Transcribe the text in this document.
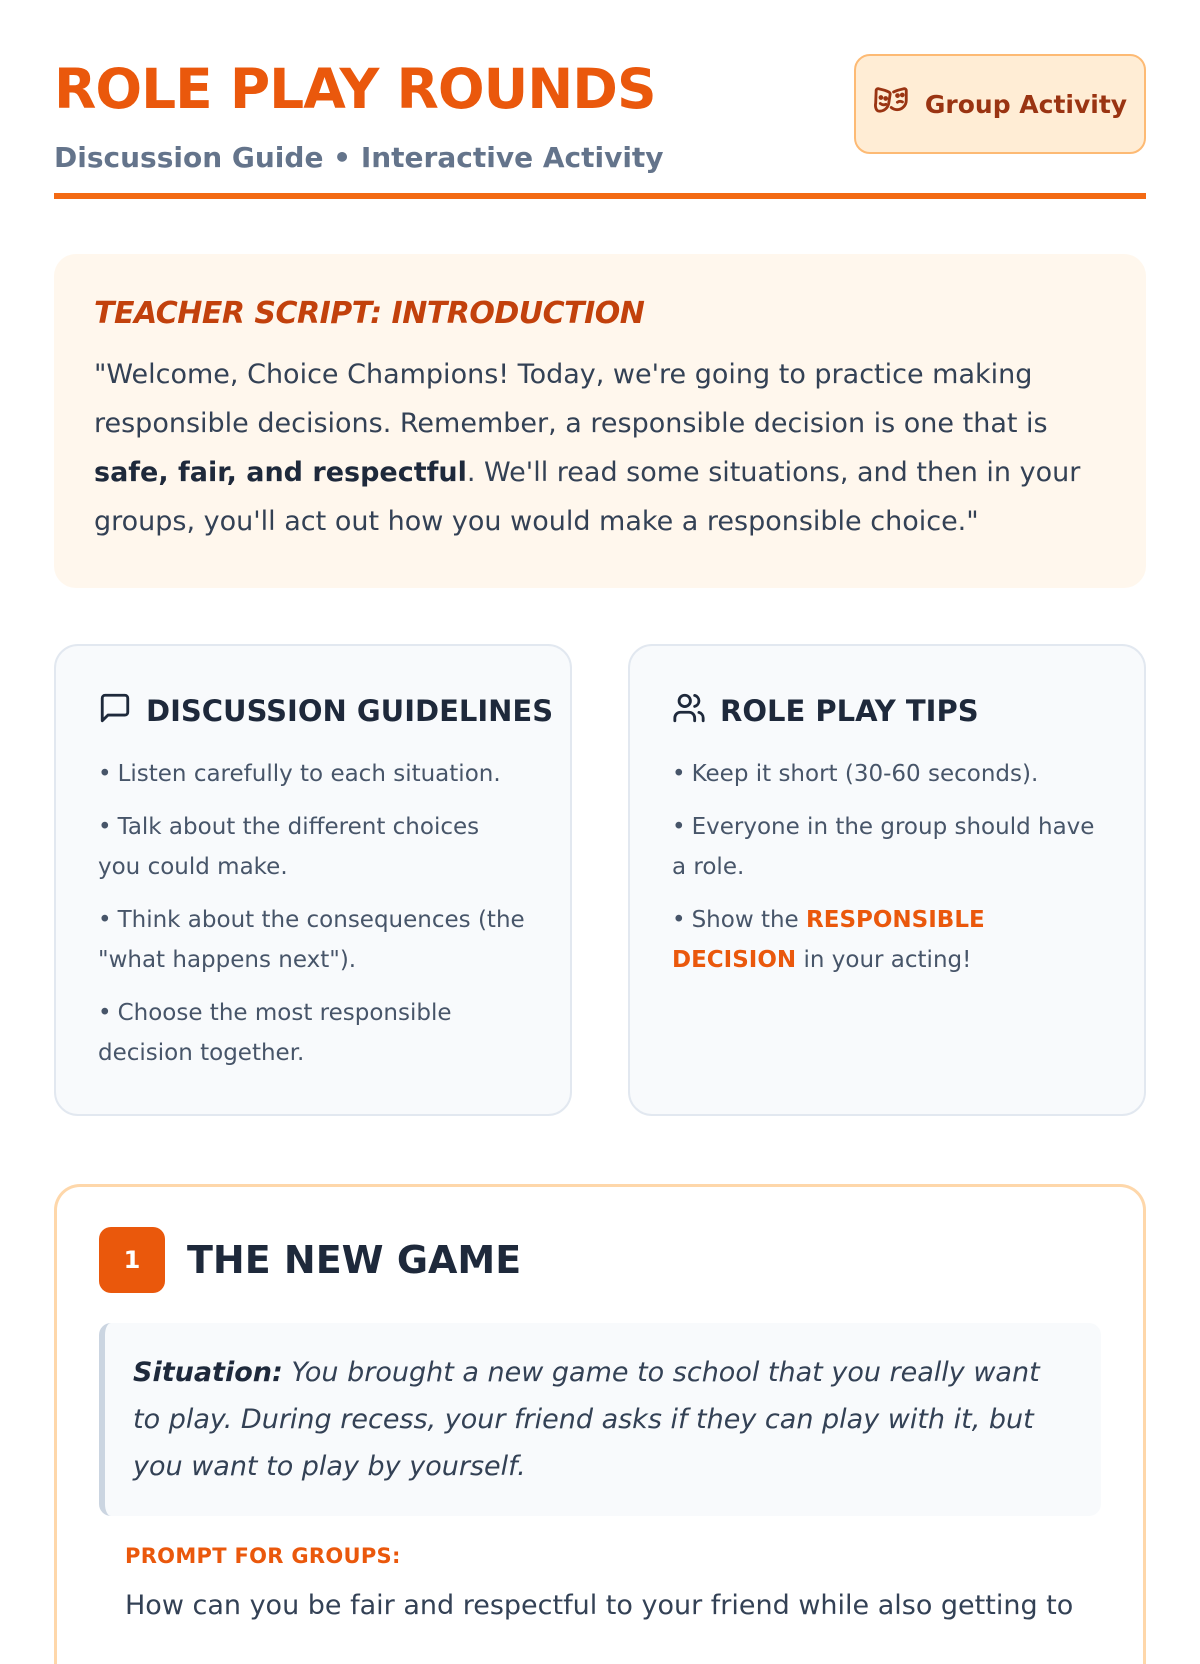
ROLE PLAY ROUNDS
Discussion Guide • Interactive Activity
Group Activity
TEACHER SCRIPT: INTRODUCTION
"Welcome, Choice Champions! Today, we're going to practice making responsible decisions. Remember, a responsible decision is one that is safe, fair, and respectful. We'll read some situations, and then in your groups, you'll act out how you would make a responsible choice."
DISCUSSION GUIDELINES
• Listen carefully to each situation.
• Talk about the different choices you could make.
• Think about the consequences (the "what happens next").
• Choose the most responsible decision together.
ROLE PLAY TIPS
• Keep it short (30-60 seconds).
• Everyone in the group should have a role.
• Show the RESPONSIBLE DECISION in your acting!
1	THE NEW GAME
Situation: You brought a new game to school that you really want to play. During recess, your friend asks if they can play with it, but you want to play by yourself.
PROMPT FOR GROUPS:
How can you be fair and respectful to your friend while also getting to
